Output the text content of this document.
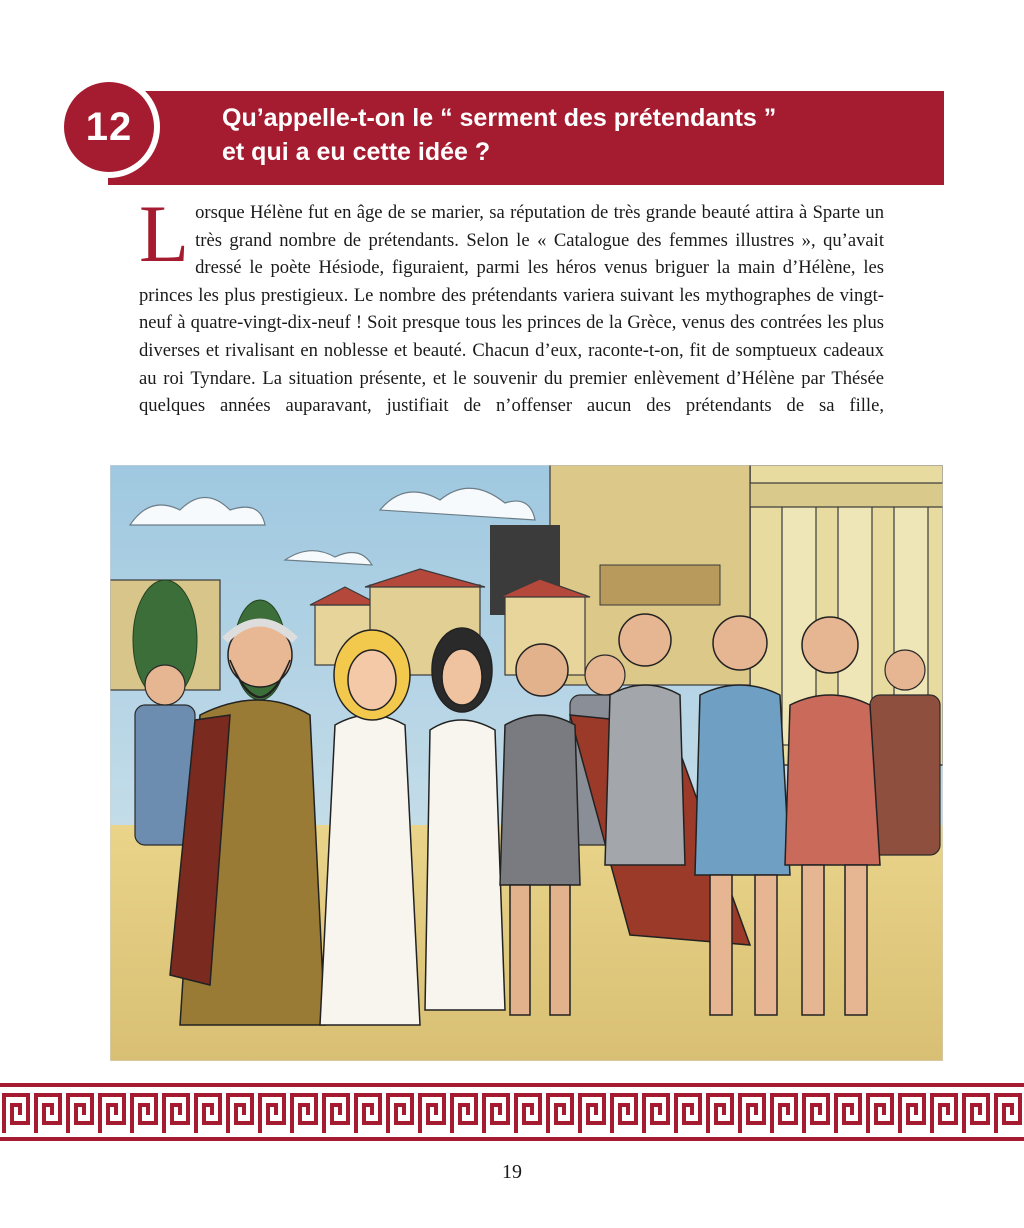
12	Qu’appelle-t-on le “ serment des prétendants ”
et qui a eu cette idée ?

Lorsque Hélène fut en âge de se marier, sa réputation de très grande beauté attira à Sparte un très grand nombre de prétendants. Selon le « Catalogue des femmes illustres », qu’avait dressé le poète Hésiode, figuraient, parmi les héros venus briguer la main d’Hélène, les princes les plus prestigieux. Le nombre des prétendants variera suivant les mythographes de vingt-neuf à quatre-vingt-dix-neuf ! Soit presque tous les princes de la Grèce, venus des contrées les plus diverses et rivalisant en noblesse et beauté. Chacun d’eux, raconte-t-on, fit de somptueux cadeaux au roi Tyndare. La situation présente, et le souvenir du premier enlèvement d’Hélène par Thésée quelques années auparavant, justifiait de n’offenser aucun des prétendants de sa fille,

19
